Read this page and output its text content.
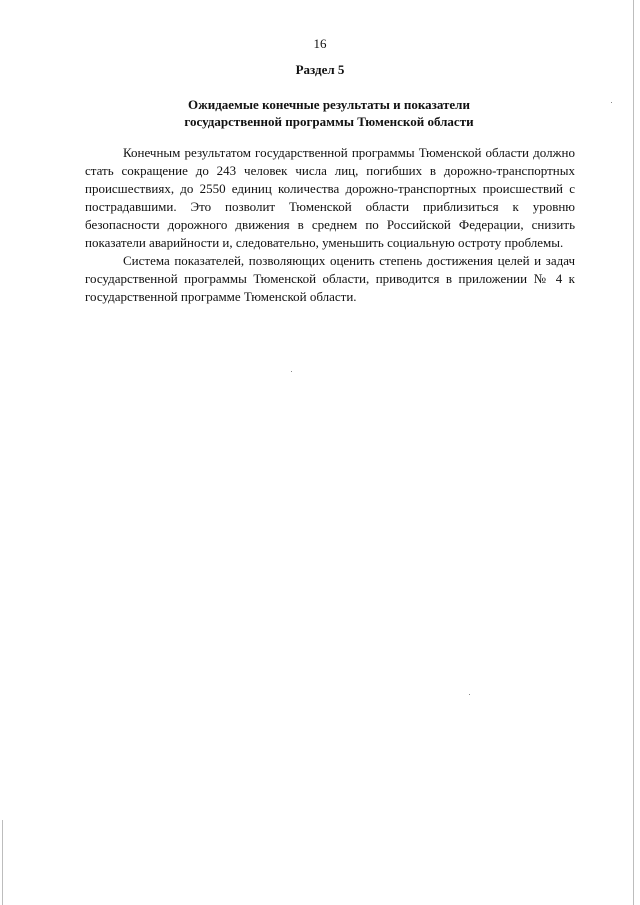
16
Раздел 5
Ожидаемые конечные результаты и показатели
государственной программы Тюменской области

Конечным результатом государственной программы Тюменской области должно стать сокращение до 243 человек числа лиц, погибших в дорожно-транспортных происшествиях, до 2550 единиц количества дорожно-транспортных происшествий с пострадавшими. Это позволит Тюменской области приблизиться к уровню безопасности дорожного движения в среднем по Российской Федерации, снизить показатели аварийности и, следовательно, уменьшить социальную остроту проблемы.

Система показателей, позволяющих оценить степень достижения целей и задач государственной программы Тюменской области, приводится в приложении № 4 к государственной программе Тюменской области.
